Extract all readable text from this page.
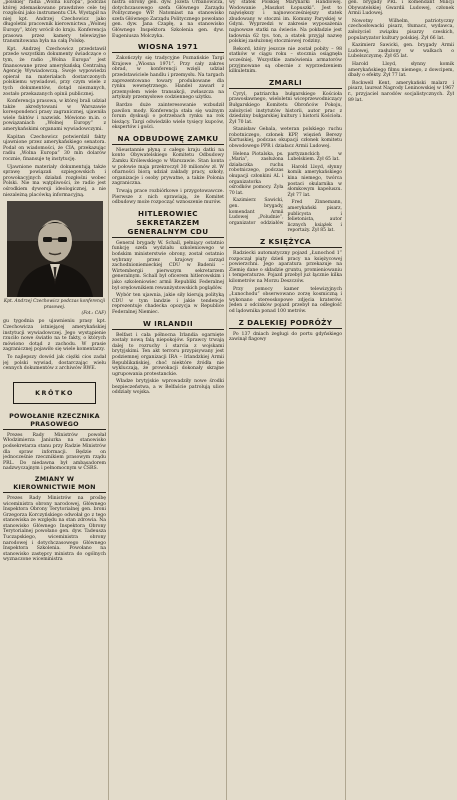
„polskiej” radia „Wolna Europa”, podczas której zdemaskowano prawdziwe cele tej rozgłośni jako instrumentu CIA. Wystąpił na niej kpt. Andrzej Czechowicz jako długoletni pracownik kierownictwa „Wolnej Europy”, który wrócił do kraju. Konferencja prasowa przez kamery telewizyjne transmitowana była na całą Polskę.

Kpt. Andrzej Czechowicz przedstawił przede wszystkim dokumenty świadczące o tym, że radio „Wolna Europa” jest finansowane przez amerykańską Centralną Agencję Wywiadowczą. Swoje wypowiedzi opierał na materiałach dostarczonych polskiemu wywiadowi, przy czym wiele z tych dokumentów, dotąd nieznanych, zostało przekazanych opinii publicznej.

Konferencja prasowa, w której brali udział także akredytowani w Warszawie korespondenci prasy zagranicznej, ujawniła wiele faktów i nazwisk. Mówiono m.in. o powiązaniach „Wolnej Europy” z amerykańskimi organami wywiadowczymi.

Kapitan Czechowicz potwierdził fakty ujawnione przez amerykańskiego senatora. Podał on wiadomości, że CIA, przekazując radiu „Wolna Europa” 30 mln dolarów rocznie, finansuje tę instytucję.

Ujawnione materiały dokumentują także sprawę powiązań szpiegowskich i prowokacyjnych działań rozgłośni wobec Polski. Nie ma wątpliwości, że radio jest ośrodkiem dywersji ideologicznej, a nie niezależną placówką informacyjną.

Kpt. Andrzej Czechowicz podczas konferencji prasowej.
(Fot.: CAF)

gu tygodnia po ujawnieniu prasy kpt. Czechowicza istniejącej amerykańskiej instytucji wywiadowczej. Jego wystąpienie rzuciło nowe światło na te fakty, o których mówiono dotąd z zachodu. W prasie zagranicznej pojawiło się wiele komentarzy.

To najlepszy dowód jak ciężki cios zadał jej polski wywiad, dostarczając wielu cennych dokumentów z archiwów RWE.

KRÓTKO
POWOŁANIE RZECZNIKA PRASOWEGO

Prezes Rady Ministrów powołał Włodzimierza Janiurka na stanowisko podsekretarza stanu przy Radzie Ministrów dla spraw informacji. Będzie on jednocześnie rzecznikiem prasowym rządu PRL. Do niedawna był ambasadorem nadzwyczajnym i pełnomocnym w ČSRS.

ZMIANY W KIEROWNICTWIE MON

Prezes Rady Ministrów na prośbę wiceministra obrony narodowej, Głównego Inspektora Obrony Terytorialnej gen. broni Grzegorza Korczyńskiego odwołał go z tego stanowiska ze względu na stan zdrowia. Na stanowisko Głównego Inspektora Obrony Terytorialnej powołano gen. dyw. Tadeusza Tuczapskiego, wiceministra obrony narodowej i dotychczasowego Głównego Inspektora Szkolenia. Powołano na stanowisko zastępcy ministra do ogólnych wyznaczone wiceministra

nistra obrony gen. dyw. Józefa Urbanowicza, dotychczasowego szefa Głównego Zarządu Politycznego WP. Natomiast na stanowisko szefa Głównego Zarządu Politycznego powołano gen. dyw. Jana Czapłę, a na stanowisko Głównego Inspektora Szkolenia gen. dyw. Eugeniusza Molczyka.

WIOSNA 1971

Zakończyły się tradycyjne Poznańskie Targi Krajowe „Wiosna 1971”. Przy cały zakres obrad, w konferencji wzięli udział przedstawiciele handlu i przemysłu. Na targach zaprezentowano towary produkowane dla rynku wewnętrznego. Handel zawarł z przemysłem wiele transakcji, zwłaszcza na artykuły przemysłowe codziennego użytku.

Bardzo duże zainteresowanie wzbudził pawilon mody. Konferencja stała się ważnym forum dyskusji o potrzebach rynku na rok bieżący. Targi odwiedziło wiele tysięcy kupców, ekspertów i gości.

NA ODBUDOWĘ ZAMKU

Nieustannie płyną z całego kraju datki na konto Obywatelskiego Komitetu Odbudowy Zamku Królewskiego w Warszawie. Stan konta w połowie maja przekroczył 30 milionów zł. W ofiarności biorą udział zakłady pracy, szkoły, organizacje i osoby prywatne, a także Polonia zagraniczna.

Trwają prace rozbiórkowe i przygotowawcze. Pierwsze z nich sprawiają, że Komitet odbudowy może rozpocząć wznoszenie murów.

HITLEROWIEC SEKRETARZEM GENERALNYM CDU

General brygady W. Schall, pełniący ostatnio funkcję szefa wydziału szkoleniowego w bońskim ministerstwie obrony, został ostatnio wybrany przez krajowy zarząd zachodnioniemieckiej CDU w Badenii – Wirtembergii pierwszym sekretarzem generalnym. Schall był oficerem hitlerowskim i jako szkoleniowiec armii Republiki Federalnej był orędownikiem rewanżystowskich poglądów.

Wybór ten ujawnia, jakie siły kierują polityką CDU w tym landzie i jakie tendencje reprezentuje chadecka opozycja w Republice Federalnej Niemiec.

W IRLANDII

Belfast i cała północna Irlandia ogarnięte zostały nową falą niepokojów. Sprawcy trwają dalej to rozruchy i starcia z wojskami brytyjskimi. Ten akt terroru przypisywany jest podziemnej organizacji IRA – Irlandzkiej Armii Republikańskiej, choć niektóre źródła nie wykluczają, że prowokacji dokonały skrajne ugrupowania protestanckie.

Władze brytyjskie wprowadziły nowe środki bezpieczeństwa, a w Belfaście patrolują ulice oddziały wojska.

wy statek Polskiej Marynarki Handlowej. Wodowanie „Maszkot Łopuszki”. Jest to największy i najnowocześniejszy statek zbudowany w stoczni im. Komuny Paryskiej w Gdyni. Wyprzedzi w zakresie wyposażenia najnowsze statki na świecie. Na pokładzie jest ładownia 62 tys. ton, a statek przyjął nazwę polskiej zasłużonej stoczniowej rodziny.

Rekord, który jeszcze nie został pobity – 98 statków w ciągu roku – stocznia osiągnęła wcześniej. Wszystkie zamówienia armatorów przyjmowane są obecnie z wyprzedzeniem kilkuletnim.

ZMARLI

Cyryl, patriarcha bułgarskiego Kościoła prawosławnego, wieloletni wiceprzewodniczący Bułgarskiego Komitetu Obrońców Pokoju, założyciel instytutów historii, autor prac z dziedziny bułgarskiej kultury i historii Kościoła. Żył 70 lat.

Stanisław Gebala, weteran polskiego ruchu robotniczego, członek KPP, więzień Berezy Kartuskiej, podczas okupacji członek komitetu obwodowego PPR i działacz Armii Ludowej.

Helena Piotalska, ps. „Maria”, zasłużona działaczka ruchu robotniczego, podczas okupacji członkini AL i organizatorka ośrodków pomocy. Żyła 70 lat.

Kazimierz Sawicki, gen. brygady, komendant Armii Ludowej „Poludnie”, organizator oddziałów partyzanckich w Lubelskiem. Żył 65 lat.

Harold Lloyd, słynny komik amerykańskiego kina niemego, twórca postaci okularnika w słomkowym kapeluszu. Żył 77 lat.

Fred Zinnemann, amerykański pisarz, publicysta i felietonista, autor licznych książek i reportaży. Żył 85 lat.

Z KSIĘŻYCA

Radziecki automatyczny pojazd „Łunochod 1” rozpoczął piąty dzień pracy na księżycowej powierzchni. Jego aparatura przekazuje na Ziemię dane o składzie gruntu, promieniowaniu i temperaturze. Pojazd przebył już łącznie kilka kilometrów na Morzu Deszczów.

Przy pomocy kamer telewizyjnych „Łunochodu” obserwowano zorzę kosmiczną i wykonano stereoskopowe zdjęcia kraterów. Jeden z odcinków pojazd przebył na odległość od lądownika ponad 100 metrów.

Z DALEKIEJ PODRÓŻY

Po 137 dniach żeglugi do portu gdyńskiego zawinął flagowy

gen. brygady PRL i komendant Milicji Obywatelskiej Gwardii Ludowej, członek Armii Ludowej.

Nowotny Wilhelm, patriotyczny czechosłowacki pisarz, tłumacz, wydawca, założyciel związku pisarzy czeskich, popularyzator kultury polskiej. Żył 66 lat.

Kazimierz Sawicki, gen. brygady Armii Ludowej, zasłużony w walkach o Lubelszczyznę. Żył 65 lat.

Harold Lloyd, słynny komik amerykańskiego filmu niemego, z dowcipem, dbały o efekty. Żył 77 lat.

Rockwell Kent, amerykański malarz i pisarz, laureat Nagrody Leninowskiej w 1967 r., przyjaciel narodów socjalistycznych. Żył 89 lat.
